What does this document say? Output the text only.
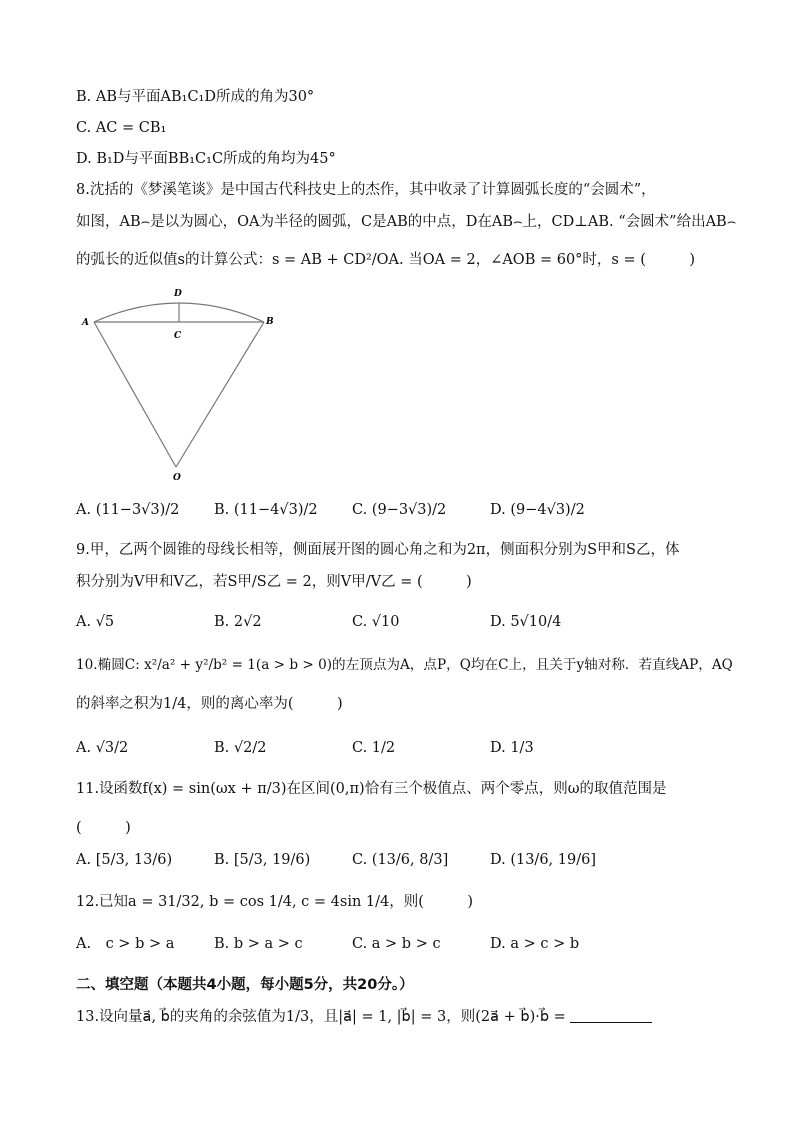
B. AB与平面AB₁C₁D所成的角为30°
C. AC = CB₁
D. B₁D与平面BB₁C₁C所成的角均为45°
8.沈括的《梦溪笔谈》是中国古代科技史上的杰作，其中收录了计算圆弧长度的“会圆术”，
如图，AB⌢是以为圆心，OA为半径的圆弧，C是AB的中点，D在AB⌢上，CD⊥AB. “会圆术”给出AB⌢
的弧长的近似值s的计算公式：s = AB + CD²/OA. 当OA = 2，∠AOB = 60°时，s = (　　　)
A	B
C
D
O
A. (11−3√3)/2 B. (11−4√3)/2 C. (9−3√3)/2	D. (9−4√3)/2
9.甲，乙两个圆锥的母线长相等，侧面展开图的圆心角之和为2π，侧面积分别为S甲和S乙，体
积分别为V甲和V乙，若S甲/S乙 = 2，则V甲/V乙 = (　　　)
A. √5	B. 2√2	C. √10	D. 5√10/4
10.椭圆C: x²/a² + y²/b² = 1(a > b > 0)的左顶点为A，点P，Q均在C上，且关于y轴对称．若直线AP，AQ
的斜率之积为1/4，则的离心率为(　　　)
A. √3/2	B. √2/2	C. 1/2	D. 1/3
11.设函数f(x) = sin(ωx + π/3)在区间(0,π)恰有三个极值点、两个零点，则ω的取值范围是
(　　　)
A. [5/3, 13/6)	B. [5/3, 19/6)	C. (13/6, 8/3]	D. (13/6, 19/6]
12.已知a = 31/32, b = cos 1/4, c = 4sin 1/4，则(　　　)
A.　c > b > a	B. b > a > c	C. a > b > c	D. a > c > b
二、填空题（本题共4小题，每小题5分，共20分。）
13.设向量a⃗, b⃗的夹角的余弦值为1/3，且|a⃗| = 1, |b⃗| = 3，则(2a⃗ + b⃗)·b⃗ =
